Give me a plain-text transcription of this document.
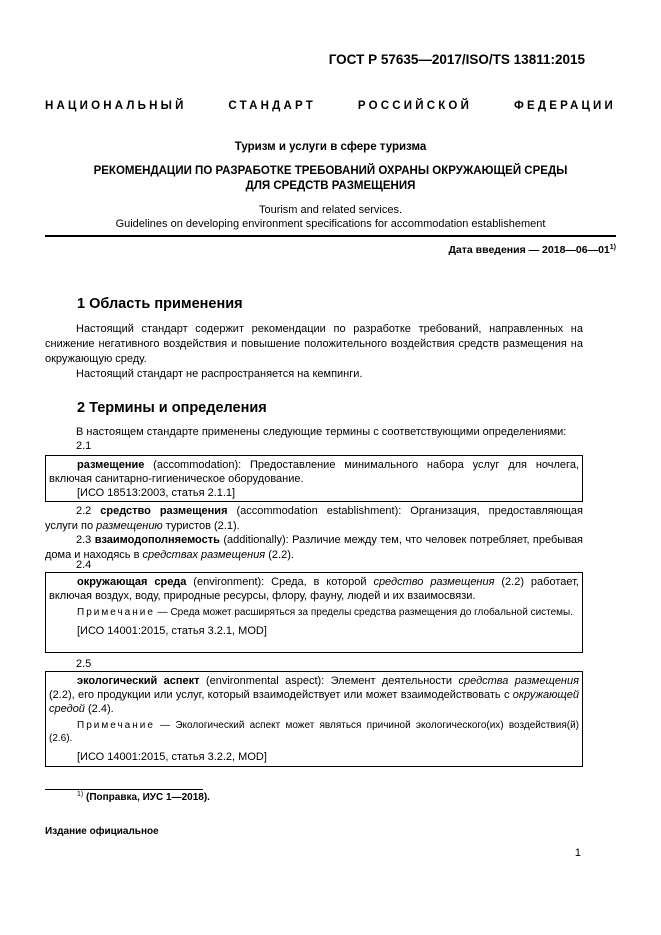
ГОСТ Р 57635—2017/ISO/TS 13811:2015
НАЦИОНАЛЬНЫЙ СТАНДАРТ РОССИЙСКОЙ ФЕДЕРАЦИИ
Туризм и услуги в сфере туризма
РЕКОМЕНДАЦИИ ПО РАЗРАБОТКЕ ТРЕБОВАНИЙ ОХРАНЫ ОКРУЖАЮЩЕЙ СРЕДЫ
ДЛЯ СРЕДСТВ РАЗМЕЩЕНИЯ
Tourism and related services.
Guidelines on developing environment specifications for accommodation establishement
Дата введения — 2018—06—01$^{1)}$
1 Область применения
Настоящий стандарт содержит рекомендации по разработке требований, направленных на снижение негативного воздействия и повышение положительного воздействия средств размещения на окружающую среду.
Настоящий стандарт не распространяется на кемпинги.
2 Термины и определения
В настоящем стандарте применены следующие термины с соответствующими определениями:
2.1

размещение (accommodation): Предоставление минимального набора услуг для ночлега, включая санитарно-гигиеническое оборудование.

[ИСО 18513:2003, статья 2.1.1]

2.2 средство размещения (accommodation establishment): Организация, предоставляющая услуги по размещению туристов (2.1).
2.3 взаимодополняемость (additionally): Различие между тем, что человек потребляет, пребывая дома и находясь в средствах размещения (2.2).
2.4

окружающая среда (environment): Среда, в которой средство размещения (2.2) работает, включая воздух, воду, природные ресурсы, флору, фауну, людей и их взаимосвязи.

Примечание — Среда может расширяться за пределы средства размещения до глобальной системы.

[ИСО 14001:2015, статья 3.2.1, MOD]

2.5

экологический аспект (environmental aspect): Элемент деятельности средства размещения (2.2), его продукции или услуг, который взаимодействует или может взаимодействовать с окружающей средой (2.4).

Примечание — Экологический аспект может являться причиной экологического(их) воздействия(й) (2.6).

[ИСО 14001:2015, статья 3.2.2, MOD]

$^{1)}$ (Поправка, ИУС 1—2018).
Издание официальное
1
